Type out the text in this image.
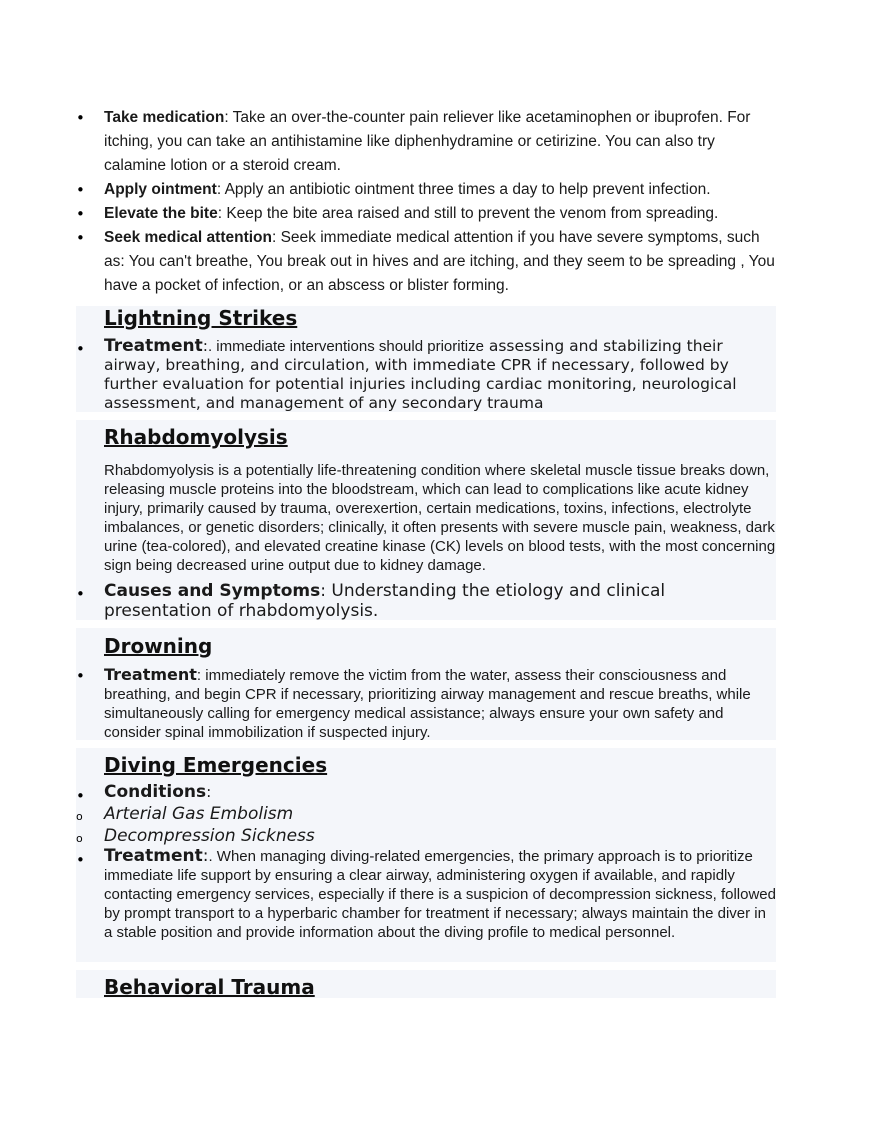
• Take medication: Take an over-the-counter pain reliever like acetaminophen or ibuprofen. For itching, you can take an antihistamine like diphenhydramine or cetirizine. You can also try calamine lotion or a steroid cream.
• Apply ointment: Apply an antibiotic ointment three times a day to help prevent infection.
• Elevate the bite: Keep the bite area raised and still to prevent the venom from spreading.
• Seek medical attention: Seek immediate medical attention if you have severe symptoms, such as: You can't breathe, You break out in hives and are itching, and they seem to be spreading , You have a pocket of infection, or an abscess or blister forming.
Lightning Strikes
• Treatment:. immediate interventions should prioritize assessing and stabilizing their airway, breathing, and circulation, with immediate CPR if necessary, followed by further evaluation for potential injuries including cardiac monitoring, neurological assessment, and management of any secondary trauma
Rhabdomyolysis
Rhabdomyolysis is a potentially life-threatening condition where skeletal muscle tissue breaks down, releasing muscle proteins into the bloodstream, which can lead to complications like acute kidney injury, primarily caused by trauma, overexertion, certain medications, toxins, infections, electrolyte imbalances, or genetic disorders; clinically, it often presents with severe muscle pain, weakness, dark urine (tea-colored), and elevated creatine kinase (CK) levels on blood tests, with the most concerning sign being decreased urine output due to kidney damage.
• Causes and Symptoms: Understanding the etiology and clinical presentation of rhabdomyolysis.
Drowning
• Treatment: immediately remove the victim from the water, assess their consciousness and breathing, and begin CPR if necessary, prioritizing airway management and rescue breaths, while simultaneously calling for emergency medical assistance; always ensure your own safety and consider spinal immobilization if suspected injury.
Diving Emergencies
• Conditions:
o Arterial Gas Embolism
o Decompression Sickness
• Treatment:. When managing diving-related emergencies, the primary approach is to prioritize immediate life support by ensuring a clear airway, administering oxygen if available, and rapidly contacting emergency services, especially if there is a suspicion of decompression sickness, followed by prompt transport to a hyperbaric chamber for treatment if necessary; always maintain the diver in a stable position and provide information about the diving profile to medical personnel.
Behavioral Trauma
